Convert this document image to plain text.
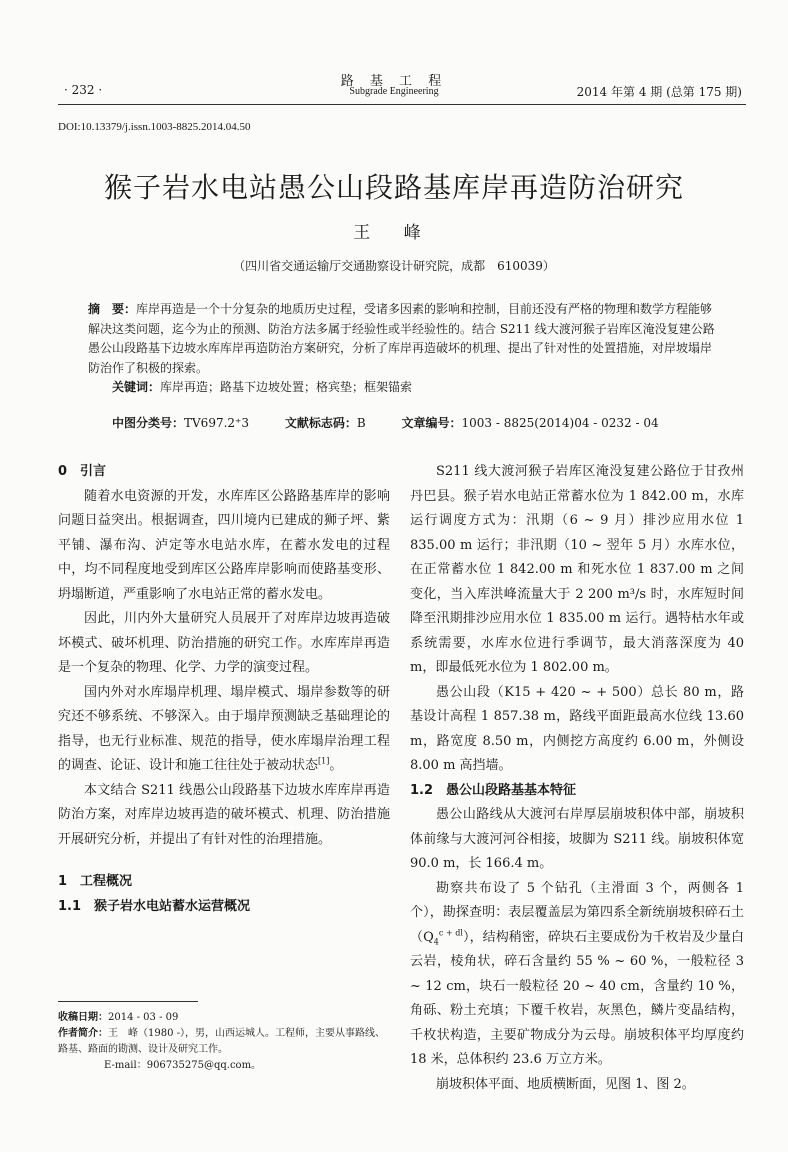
· 232 ·
路 基 工 程
Subgrade Engineering	2014 年第 4 期 (总第 175 期)
DOI:10.13379/j.issn.1003-8825.2014.04.50
猴子岩水电站愚公山段路基库岸再造防治研究
王 峰
（四川省交通运输厅交通勘察设计研究院，成都　610039）
摘　要：库岸再造是一个十分复杂的地质历史过程，受诸多因素的影响和控制，目前还没有严格的物理和数学方程能够解决这类问题，迄今为止的预测、防治方法多属于经验性或半经验性的。结合 S211 线大渡河猴子岩库区淹没复建公路愚公山段路基下边坡水库库岸再造防治方案研究，分析了库岸再造破坏的机理、提出了针对性的处置措施，对岸坡塌岸防治作了积极的探索。
关键词：库岸再造；路基下边坡处置；格宾垫；框架锚索
中图分类号：TV697.2⁺3	文献标志码：B	文章编号：1003 - 8825(2014)04 - 0232 - 04

0　引言

随着水电资源的开发，水库库区公路路基库岸的影响问题日益突出。根据调查，四川境内已建成的狮子坪、紫平铺、瀑布沟、泸定等水电站水库，在蓄水发电的过程中，均不同程度地受到库区公路库岸影响而使路基变形、坍塌断道，严重影响了水电站正常的蓄水发电。

因此，川内外大量研究人员展开了对库岸边坡再造破坏模式、破坏机理、防治措施的研究工作。水库库岸再造是一个复杂的物理、化学、力学的演变过程。

国内外对水库塌岸机理、塌岸模式、塌岸参数等的研究还不够系统、不够深入。由于塌岸预测缺乏基础理论的指导，也无行业标准、规范的指导，使水库塌岸治理工程的调查、论证、设计和施工往往处于被动状态[1]。

本文结合 S211 线愚公山段路基下边坡水库库岸再造防治方案，对库岸边坡再造的破坏模式、机理、防治措施开展研究分析，并提出了有针对性的治理措施。

1　工程概况

1.1　猴子岩水电站蓄水运营概况

收稿日期：2014 - 03 - 09
作者简介：王　峰（1980 -），男，山西运城人。工程师，主要从事路线、路基、路面的勘测、设计及研究工作。
E-mail：906735275@qq.com。

S211 线大渡河猴子岩库区淹没复建公路位于甘孜州丹巴县。猴子岩水电站正常蓄水位为 1 842.00 m，水库运行调度方式为：汛期（6 ~ 9 月）排沙应用水位 1 835.00 m 运行；非汛期（10 ~ 翌年 5 月）水库水位，在正常蓄水位 1 842.00 m 和死水位 1 837.00 m 之间变化，当入库洪峰流量大于 2 200 m³/s 时，水库短时间降至汛期排沙应用水位 1 835.00 m 运行。遇特枯水年或系统需要，水库水位进行季调节，最大消落深度为 40 m，即最低死水位为 1 802.00 m。

愚公山段（K15 + 420 ~ + 500）总长 80 m，路基设计高程 1 857.38 m，路线平面距最高水位线 13.60 m，路宽度 8.50 m，内侧挖方高度约 6.00 m，外侧设 8.00 m 高挡墙。

1.2　愚公山段路基基本特征

愚公山路线从大渡河右岸厚层崩坡积体中部，崩坡积体前缘与大渡河河谷相接，坡脚为 S211 线。崩坡积体宽 90.0 m，长 166.4 m。

勘察共布设了 5 个钻孔（主滑面 3 个，两侧各 1 个），勘探查明：表层覆盖层为第四系全新统崩坡积碎石土$(Q_4^{c + dl})$，结构稍密，碎块石主要成份为千枚岩及少量白云岩，棱角状，碎石含量约 55 % ~ 60 %，一般粒径 3 ~ 12 cm，块石一般粒径 20 ~ 40 cm，含量约 10 %，角砾、粉土充填；下覆千枚岩，灰黑色，鳞片变晶结构，千枚状构造，主要矿物成分为云母。崩坡积体平均厚度约 18 米，总体积约 23.6 万立方米。

崩坡积体平面、地质横断面，见图 1、图 2。
